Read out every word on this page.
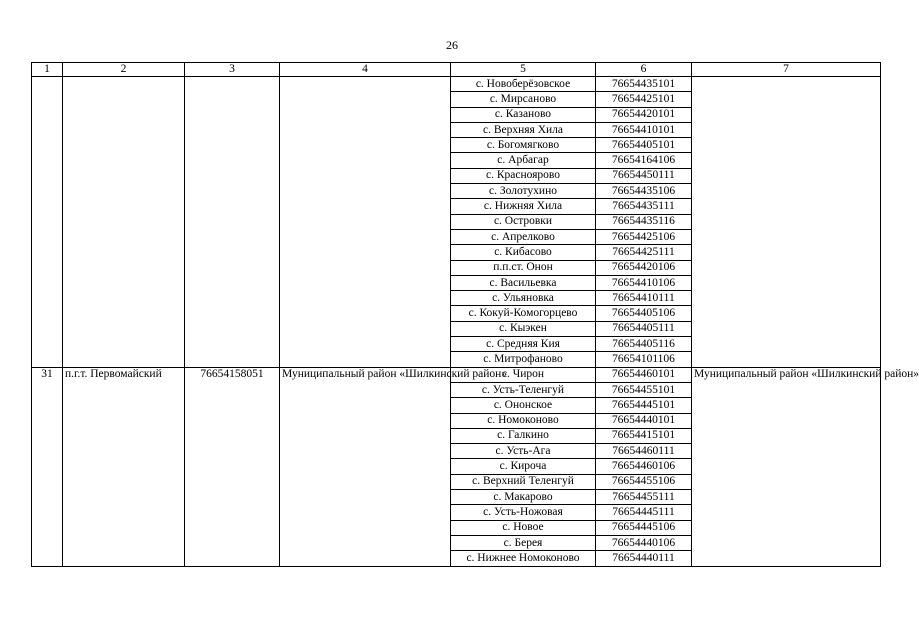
26
1	2	3	4	5	6	7
				с. Новоберёзовское	76654435101	
				с. Мирсаново	76654425101	
				с. Казаново	76654420101	
				с. Верхняя Хила	76654410101	
				с. Богомягково	76654405101	
				с. Арбагар	76654164106	
				с. Красноярово	76654450111	
				с. Золотухино	76654435106	
				с. Нижняя Хила	76654435111	
				с. Островки	76654435116	
				с. Апрелково	76654425106	
				с. Кибасово	76654425111	
				п.п.ст. Онон	76654420106	
				с. Васильевка	76654410106	
				с. Ульяновка	76654410111	
				с. Кокуй-Комогорцево	76654405106	
				с. Кыэкен	76654405111	
				с. Средняя Кия	76654405116	
				с. Митрофаново	76654101106	
31	п.г.т. Первомайский	76654158051	Муниципальный район «Шилкинский район»	с. Чирон	76654460101	Муниципальный район «Шилкинский район»
				с. Усть-Теленгуй	76654455101	
				с. Ононское	76654445101	
				с. Номоконово	76654440101	
				с. Галкино	76654415101	
				с. Усть-Ага	76654460111	
				с. Кироча	76654460106	
				с. Верхний Теленгуй	76654455106	
				с. Макарово	76654455111	
				с. Усть-Ножовая	76654445111	
				с. Новое	76654445106	
				с. Берея	76654440106	
				с. Нижнее Номоконово	76654440111	
